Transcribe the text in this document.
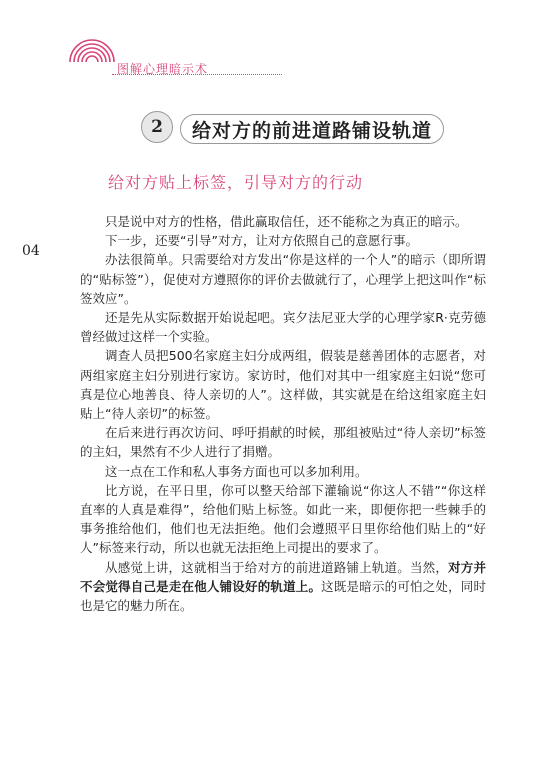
图解心理暗示术
04
2	给对方的前进道路铺设轨道
给对方贴上标签，引导对方的行动

只是说中对方的性格，借此赢取信任，还不能称之为真正的暗示。

下一步，还要“引导”对方，让对方依照自己的意愿行事。

办法很简单。只需要给对方发出“你是这样的一个人”的暗示（即所谓的“贴标签”），促使对方遵照你的评价去做就行了，心理学上把这叫作“标签效应”。

还是先从实际数据开始说起吧。宾夕法尼亚大学的心理学家R·克劳德曾经做过这样一个实验。

调查人员把500名家庭主妇分成两组，假装是慈善团体的志愿者，对两组家庭主妇分别进行家访。家访时，他们对其中一组家庭主妇说“您可真是位心地善良、待人亲切的人”。这样做，其实就是在给这组家庭主妇贴上“待人亲切”的标签。

在后来进行再次访问、呼吁捐献的时候，那组被贴过“待人亲切”标签的主妇，果然有不少人进行了捐赠。

这一点在工作和私人事务方面也可以多加利用。

比方说，在平日里，你可以整天给部下灌输说“你这人不错”“你这样直率的人真是难得”，给他们贴上标签。如此一来，即便你把一些棘手的事务推给他们，他们也无法拒绝。他们会遵照平日里你给他们贴上的“好人”标签来行动，所以也就无法拒绝上司提出的要求了。

从感觉上讲，这就相当于给对方的前进道路铺上轨道。当然，对方并不会觉得自己是走在他人铺设好的轨道上。这既是暗示的可怕之处，同时也是它的魅力所在。
